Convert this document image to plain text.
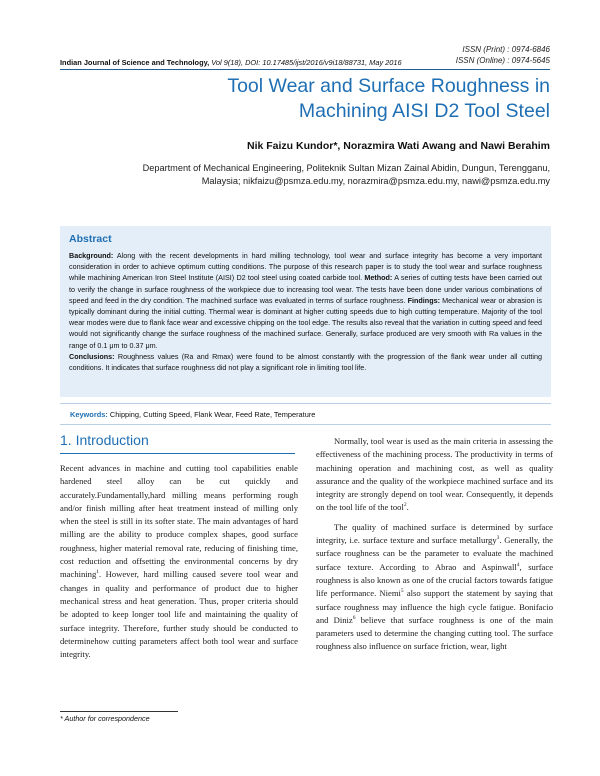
ISSN (Print) : 0974-6846
ISSN (Online) : 0974-5645
Indian Journal of Science and Technology, Vol 9(18), DOI: 10.17485/ijst/2016/v9i18/88731, May 2016
Tool Wear and Surface Roughness in
Machining AISI D2 Tool Steel
Nik Faizu Kundor*, Norazmira Wati Awang and Nawi Berahim
Department of Mechanical Engineering, Politeknik Sultan Mizan Zainal Abidin, Dungun, Terengganu,
Malaysia; nikfaizu@psmza.edu.my, norazmira@psmza.edu.my, nawi@psmza.edu.my
Abstract

Background: Along with the recent developments in hard milling technology, tool wear and surface integrity has become a very important consideration in order to achieve optimum cutting conditions. The purpose of this research paper is to study the tool wear and surface roughness while machining American Iron Steel Institute (AISI) D2 tool steel using coated carbide tool. Method: A series of cutting tests have been carried out to verify the change in surface roughness of the workpiece due to increasing tool wear. The tests have been done under various combinations of speed and feed in the dry condition. The machined surface was evaluated in terms of surface roughness. Findings: Mechanical wear or abrasion is typically dominant during the initial cutting. Thermal wear is dominant at higher cutting speeds due to high cutting temperature. Majority of the tool wear modes were due to flank face wear and excessive chipping on the tool edge. The results also reveal that the variation in cutting speed and feed would not significantly change the surface roughness of the machined surface. Generally, surface produced are very smooth with Ra values in the range of 0.1 μm to 0.37 μm.

Conclusions: Roughness values (Ra and Rmax) were found to be almost constantly with the progression of the flank wear under all cutting conditions. It indicates that surface roughness did not play a significant role in limiting tool life.

Keywords: Chipping, Cutting Speed, Flank Wear, Feed Rate, Temperature
1. Introduction

Recent advances in machine and cutting tool capabilities enable hardened steel alloy can be cut quickly and accurately.Fundamentally,hard milling means performing rough and/or finish milling after heat treatment instead of milling only when the steel is still in its softer state. The main advantages of hard milling are the ability to produce complex shapes, good surface roughness, higher material removal rate, reducing of finishing time, cost reduction and offsetting the environmental concerns by dry machining$^1$. However, hard milling caused severe tool wear and changes in quality and performance of product due to higher mechanical stress and heat generation. Thus, proper criteria should be adopted to keep longer tool life and maintaining the quality of surface integrity. Therefore, further study should be conducted to determinehow cutting parameters affect both tool wear and surface integrity.

Normally, tool wear is used as the main criteria in assessing the effectiveness of the machining process. The productivity in terms of machining operation and machining cost, as well as quality assurance and the quality of the workpiece machined surface and its integrity are strongly depend on tool wear. Consequently, it depends on the tool life of the tool$^2$.

The quality of machined surface is determined by surface integrity, i.e. surface texture and surface metallurgy$^3$. Generally, the surface roughness can be the parameter to evaluate the machined surface texture. According to Abrao and Aspinwall$^4$, surface roughness is also known as one of the crucial factors towards fatigue life performance. Niemi$^5$ also support the statement by saying that surface roughness may influence the high cycle fatigue. Bonifacio and Diniz$^6$ believe that surface roughness is one of the main parameters used to determine the changing cutting tool. The surface roughness also influence on surface friction, wear, light

* Author for correspondence
